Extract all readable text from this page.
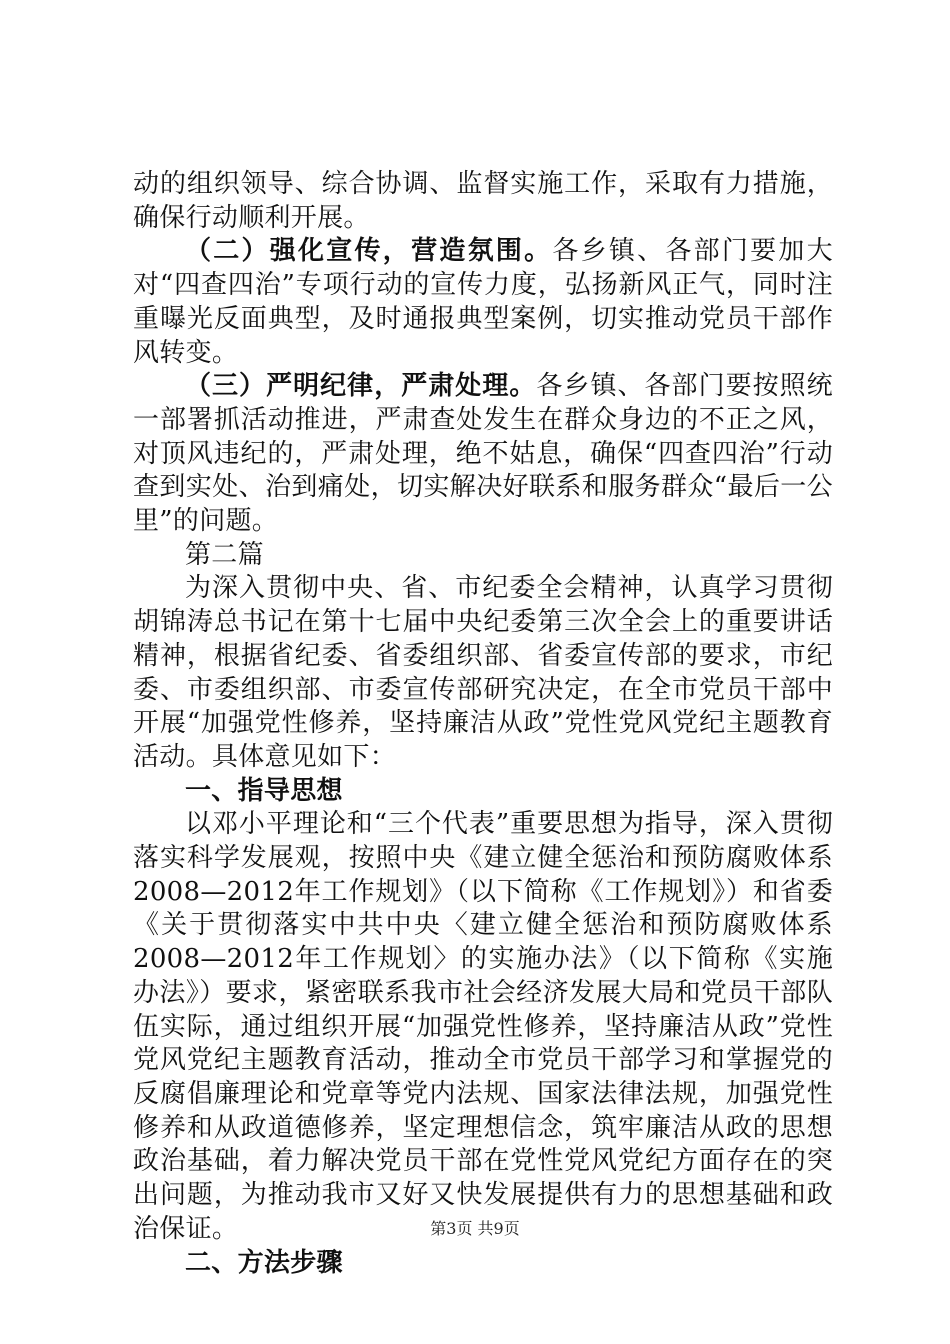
动的组织领导、综合协调、监督实施工作，采取有力措施，确保行动顺利开展。

（二）强化宣传，营造氛围。各乡镇、各部门要加大对“四查四治”专项行动的宣传力度，弘扬新风正气，同时注重曝光反面典型，及时通报典型案例，切实推动党员干部作风转变。

（三）严明纪律，严肃处理。各乡镇、各部门要按照统一部署抓活动推进，严肃查处发生在群众身边的不正之风，对顶风违纪的，严肃处理，绝不姑息，确保“四查四治”行动查到实处、治到痛处，切实解决好联系和服务群众“最后一公里”的问题。

第二篇

为深入贯彻中央、省、市纪委全会精神，认真学习贯彻胡锦涛总书记在第十七届中央纪委第三次全会上的重要讲话精神，根据省纪委、省委组织部、省委宣传部的要求，市纪委、市委组织部、市委宣传部研究决定，在全市党员干部中开展“加强党性修养，坚持廉洁从政”党性党风党纪主题教育活动。具体意见如下：

一、指导思想

以邓小平理论和“三个代表”重要思想为指导，深入贯彻落实科学发展观，按照中央《建立健全惩治和预防腐败体系2008—2012年工作规划》（以下简称《工作规划》）和省委《关于贯彻落实中共中央〈建立健全惩治和预防腐败体系2008—2012年工作规划〉的实施办法》（以下简称《实施办法》）要求，紧密联系我市社会经济发展大局和党员干部队伍实际，通过组织开展“加强党性修养，坚持廉洁从政”党性党风党纪主题教育活动，推动全市党员干部学习和掌握党的反腐倡廉理论和党章等党内法规、国家法律法规，加强党性修养和从政道德修养，坚定理想信念，筑牢廉洁从政的思想政治基础，着力解决党员干部在党性党风党纪方面存在的突出问题，为推动我市又好又快发展提供有力的思想基础和政治保证。

二、方法步骤

第3页 共9页
